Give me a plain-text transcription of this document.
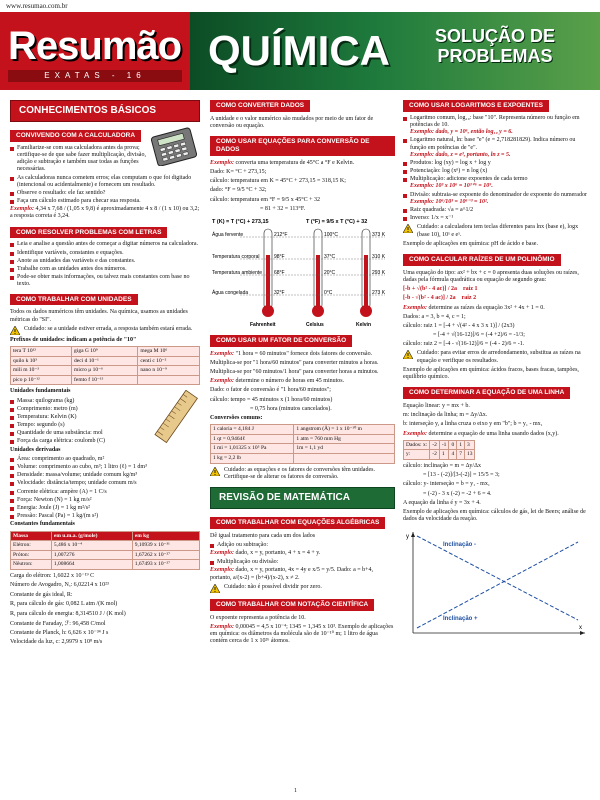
www.resumao.com.br
Resumão
EXATAS - 16
QUÍMICA	SOLUÇÃO DE
PROBLEMAS
CONHECIMENTOS BÁSICOS
CONVIVENDO COM A CALCULADORA
Familiarize-se com sua calculadora antes da prova; certifique-se de que sabe fazer multiplicação, divisão, adição e subtração e também usar todas as funções necessárias.
As calculadoras nunca cometem erros; elas computam o que foi digitado (intencional ou acidentalmente) e fornecem um resultado.
Observe o resultado: ele faz sentido?
Faça um cálculo estimado para checar sua resposta.
Exemplo: 4,34 x 7,68 / (1,05 x 9,8) é aproximadamente 4 x 8 / (1 x 10) ou 3,2; a resposta correta é 3,24.
COMO RESOLVER PROBLEMAS COM LETRAS
Leia e analise a questão antes de começar a digitar números na calculadora.
Identifique variáveis, constantes e equações.
Anote as unidades das variáveis e das constantes.
Trabalhe com as unidades antes dos números.
Pode-se obter mais informações, ou talvez mais constantes com base no texto.
COMO TRABALHAR COM UNIDADES
Todos os dados numéricos têm unidades. Na química, usamos as unidades métricas do "SI".
Cuidado: se a unidade estiver errada, a resposta também estará errada.
Prefixos de unidades: indicam a potência de "10"
tera T 10¹²	giga G 10⁹	mega M 10⁶
quilo k 10³	deci d 10⁻¹	centi c 10⁻²
mili m 10⁻³	micro μ 10⁻⁶	nano n 10⁻⁹
pico p 10⁻¹²	femto f 10⁻¹⁵	
Unidades fundamentais
Massa: quilograma (kg)
Comprimento: metro (m)
Temperatura: Kelvin (K)
Tempo: segundo (s)
Quantidade de uma substância: mol
Força da carga elétrica: coulomb (C)
Unidades derivadas
Área: comprimento ao quadrado, m²
Volume: comprimento ao cubo, m³; 1 litro (ℓ) = 1 dm³
Densidade: massa/volume; unidade comum kg/m³
Velocidade: distância/tempo; unidade comum m/s
Corrente elétrica: ampère (A) = 1 C/s
Força: Newton (N) = 1 kg m/s²
Energia: Joule (J) = 1 kg m²/s²
Pressão: Pascal (Pa) = 1 kg/(m s²)
Constantes fundamentais
Massa	em u.m.a. (g/mole)	em kg
Elétron:	5,486 x 10⁻⁴	9,10939 x 10⁻³¹
Próton:	1,007276	1,67262 x 10⁻²⁷
Nêutron:	1,008664	1,67493 x 10⁻²⁷
Carga do elétron: 1,6022 x 10⁻¹⁹ C
Número de Avogadro, Nₐ: 6,02214 x 10²³
Constante de gás ideal, R:
R, para cálculo de gás: 0,082 L atm /(K mol)
R, para cálculo de energia: 8,314510 J / (K mol)
Constante de Faraday, ℱ: 96,458 C/mol
Constante de Planck, h: 6,626 x 10⁻³⁴ J s
Velocidade da luz, c: 2,9979 x 10⁸ m/s
COMO CONVERTER DADOS
A unidade e o valor numérico são mudados por meio de um fator de conversão ou equação.
COMO USAR EQUAÇÕES PARA CONVERSÃO DE DADOS
Exemplo: converta uma temperatura de 45°C a °F e Kelvin.
Dado: K= °C + 273,15;
cálculo: temperatura em K = 45°C + 273,15 = 318,15 K;
dado: °F = 9/5 °C + 32;
cálculo: temperatura em °F = 9/5 x 45°C + 32
= 81 + 32 = 113°F.
T (K) = T (°C) + 273,15	T (°F) = 9/5 x T (°C) + 32
Água fervente
Temperatura corporal
Temperatura ambiente
Água congelada
212°F
98°F
68°F
32°F
100°C
37°C
20°C
0°C
373 K
310 K
293 K
273 K
Fahrenheit	Celsius	Kelvin
COMO USAR UM FATOR DE CONVERSÃO
Exemplo: "1 hora = 60 minutos" fornece dois fatores de conversão.
Multiplica-se por "1 hora/60 minutos" para converter minutos a horas.
Multiplica-se por "60 minutos/1 hora" para converter horas a minutos.
Exemplo: determine o número de horas em 45 minutos.
Dado: o fator de conversão é "1 hora/60 minutos";
cálculo: tempo = 45 minutos x (1 hora/60 minutos)
= 0,75 hora (minutos cancelados).
Conversões comuns:
1 caloria = 4,184 J	1 angstrom (Å) = 1 x 10⁻¹⁰ m
1 qt = 0,9464ℓ	1 atm = 760 mm Hg
1 mi = 1,01325 x 10⁵ Pa	1m = 1,1 yd
1 kg = 2,2 lb	
Cuidado: as equações e os fatores de conversões têm unidades. Certifique-se de alterar os fatores de conversão.
REVISÃO DE MATEMÁTICA
COMO TRABALHAR COM EQUAÇÕES ALGÉBRICAS
Dê igual tratamento para cada um dos lados
Adição ou subtração:
Exemplo: dado, x = y, portanto, 4 + x = 4 + y.
Multiplicação ou divisão:
Exemplo: dado, x = y, portanto, 4x = 4y e x/5 = y/5. Dado: a = b+4, portanto, a/(x-2) = (b+4)/(x-2), x ≠ 2.
Cuidado: não é possível dividir por zero.
COMO TRABALHAR COM NOTAÇÃO CIENTÍFICA
O expoente representa a potência de 10.
Exemplo: 0,00045 = 4,5 x 10⁻⁴; 1345 = 1,345 x 10³. Exemplo de aplicações em química: os diâmetros da molécula são de 10⁻¹⁰ m; 1 litro de água contém cerca de 1 x 10²⁶ átomos.
COMO USAR LOGARITMOS E EXPOENTES
Logaritmo comum, log₁₀: base "10". Representa número ou função em potências de 10.
Exemplo: dado, y = 10⁶, então log₁₀ y = 6.
Logaritmo natural, ln: base "e" (e = 2,718281829). Indica número ou função em potências de "e".
Exemplo: dado, z = e³, portanto, ln z = 5.
Produtos: log (xy) = log x + log y
Potenciação: log (xⁿ) = n log (x)
Multiplicação: adicione expoentes de cada termo
Exemplo: 10³ x 10⁶ = 10³⁺⁶ = 10⁹.
Divisão: subtraia-se expoente do denominador de expoente do numerador
Exemplo: 10⁶/10³ = 10⁶⁻³ = 10².
Raiz quadrada: √a = a^1/2
Inverso: 1/x = x⁻¹
Cuidado: a calculadora tem teclas diferentes para lnx (base e), logx (base 10), 10ˣ e eˣ.
Exemplo de aplicações em química: pH de ácido e base.
COMO CALCULAR RAÍZES DE UM POLINÔMIO
Uma equação do tipo: ax² + bx + c = 0 apresenta duas soluções ou raízes, dadas pela fórmula quadrática ou equação de segundo grau:
[-b + √(b² - 4 ac)] / 2a raiz 1
[-b - √(b² - 4 ac)] / 2a raiz 2
Exemplo: determine as raízes da equação 3x² + 4x + 1 = 0.
Dados: a = 3, b = 4, c = 1;
cálculo: raiz 1 = [-4 + √(4² - 4 x 3 x 1)] / (2x3)
= [-4 + √(16-12)]/6 = (-4 +2)/6 = -1/3;
cálculo: raiz 2 = [-4 - √(16-12)]/6 = (-4 - 2)/6 = -1.
Cuidado: para evitar erros de arredondamento, substitua as raízes na equação e verifique os resultados.
Exemplo de aplicações em química: ácidos fracos, bases fracas, tampões, equilíbrio químico.
COMO DETERMINAR A EQUAÇÃO DE UMA LINHA
Equação linear: y = mx + b.
m: inclinação da linha; m = Δy/Δx.
b: interseção y, a linha cruza o eixo y em "b"; b = y₁ - mx₁
Exemplo: determine a equação de uma linha usando dados (x,y).
Dados: x:	-2	-1	0	1	3
y:	-2	1	4	7	13
cálculo: inclinação = m = Δy/Δx
= [13 - (-2)]/[3-(-2)] = 15/5 = 3;
cálculo: y- interseção = b = y₁ - mx₁
= (-2) - 3 x (-2) = -2 + 6 = 4.
A equação da linha é y = 3x + 4.
Exemplo de aplicações em química: cálculos de gás, lei de Beers; análise de dados da velocidade da reação.
y
x
Inclinação -
Inclinação +
1
